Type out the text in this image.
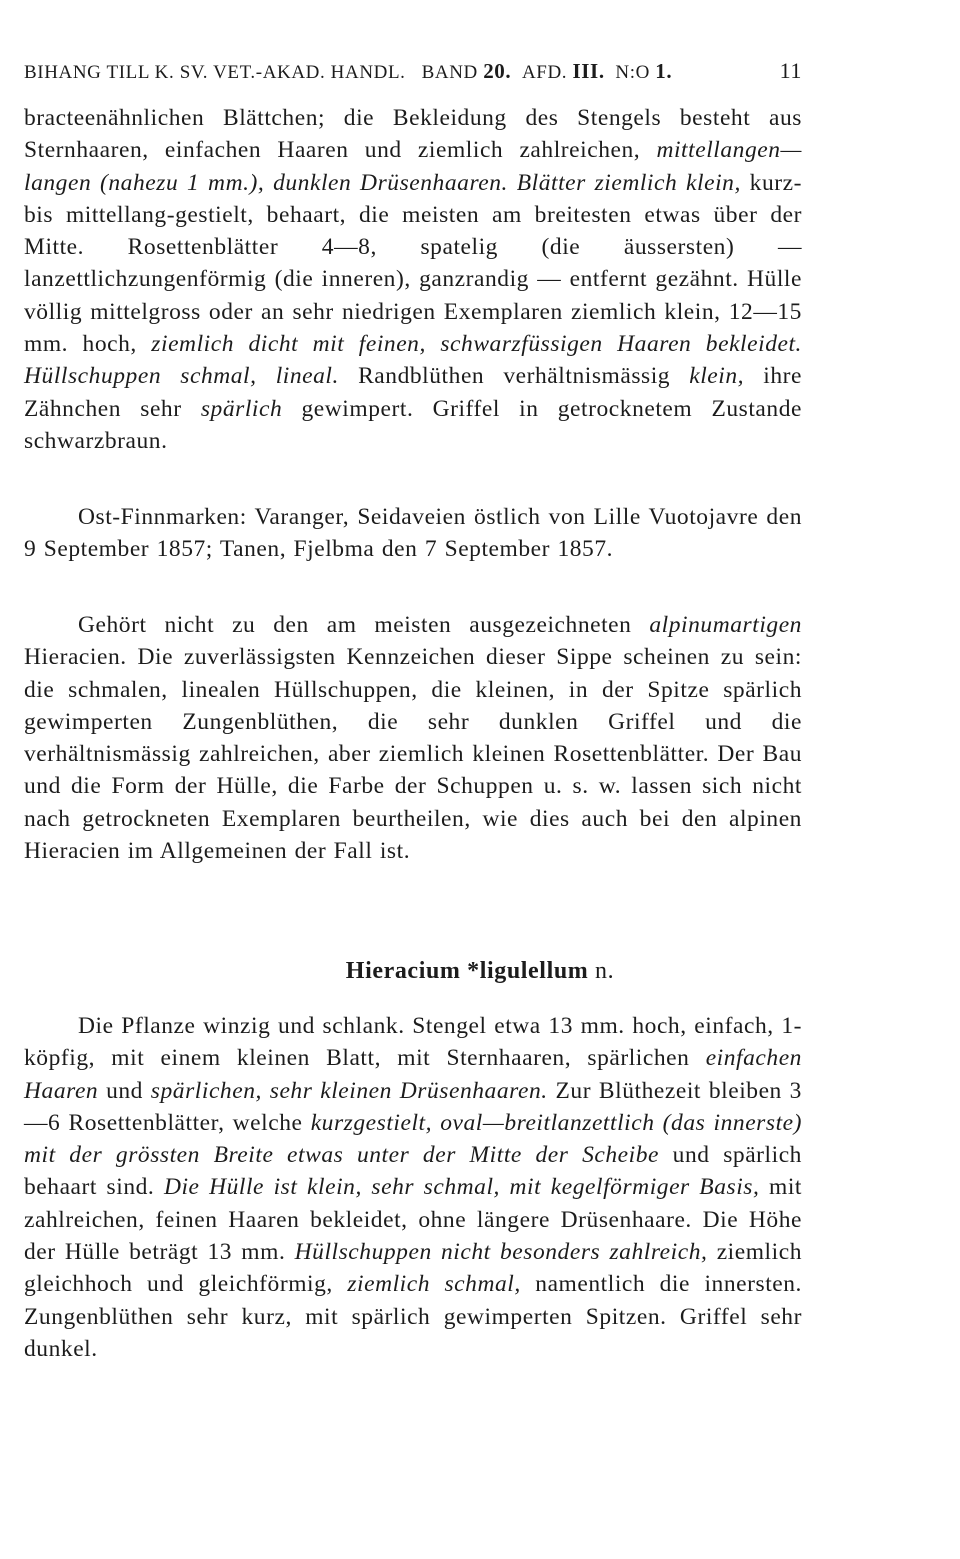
BIHANG TILL K. SV. VET.-AKAD. HANDL. BAND 20. AFD. III. N:O 1.	11
bracteenähnlichen Blättchen; die Bekleidung des Stengels besteht aus Sternhaaren, einfachen Haaren und ziemlich zahlreichen, mittellangen—langen (nahezu 1 mm.), dunklen Drüsenhaaren. Blätter ziemlich klein, kurz- bis mittellang-gestielt, behaart, die meisten am breitesten etwas über der Mitte. Rosettenblätter 4—8, spatelig (die äussersten) — lanzettlichzungenförmig (die inneren), ganzrandig — entfernt gezähnt. Hülle völlig mittelgross oder an sehr niedrigen Exemplaren ziemlich klein, 12—15 mm. hoch, ziemlich dicht mit feinen, schwarzfüssigen Haaren bekleidet. Hüllschuppen schmal, lineal. Randblüthen verhältnismässig klein, ihre Zähnchen sehr spärlich gewimpert. Griffel in getrocknetem Zustande schwarzbraun.
Ost-Finnmarken: Varanger, Seidaveien östlich von Lille Vuotojavre den 9 September 1857; Tanen, Fjelbma den 7 September 1857.
Gehört nicht zu den am meisten ausgezeichneten alpinumartigen Hieracien. Die zuverlässigsten Kennzeichen dieser Sippe scheinen zu sein: die schmalen, linealen Hüllschuppen, die kleinen, in der Spitze spärlich gewimperten Zungenblüthen, die sehr dunklen Griffel und die verhältnismässig zahlreichen, aber ziemlich kleinen Rosettenblätter. Der Bau und die Form der Hülle, die Farbe der Schuppen u. s. w. lassen sich nicht nach getrockneten Exemplaren beurtheilen, wie dies auch bei den alpinen Hieracien im Allgemeinen der Fall ist.
Hieracium *ligulellum n.
Die Pflanze winzig und schlank. Stengel etwa 13 mm. hoch, einfach, 1-köpfig, mit einem kleinen Blatt, mit Sternhaaren, spärlichen einfachen Haaren und spärlichen, sehr kleinen Drüsenhaaren. Zur Blüthezeit bleiben 3—6 Rosettenblätter, welche kurzgestielt, oval—breitlanzettlich (das innerste) mit der grössten Breite etwas unter der Mitte der Scheibe und spärlich behaart sind. Die Hülle ist klein, sehr schmal, mit kegelförmiger Basis, mit zahlreichen, feinen Haaren bekleidet, ohne längere Drüsenhaare. Die Höhe der Hülle beträgt 13 mm. Hüllschuppen nicht besonders zahlreich, ziemlich gleichhoch und gleichförmig, ziemlich schmal, namentlich die innersten. Zungenblüthen sehr kurz, mit spärlich gewimperten Spitzen. Griffel sehr dunkel.
